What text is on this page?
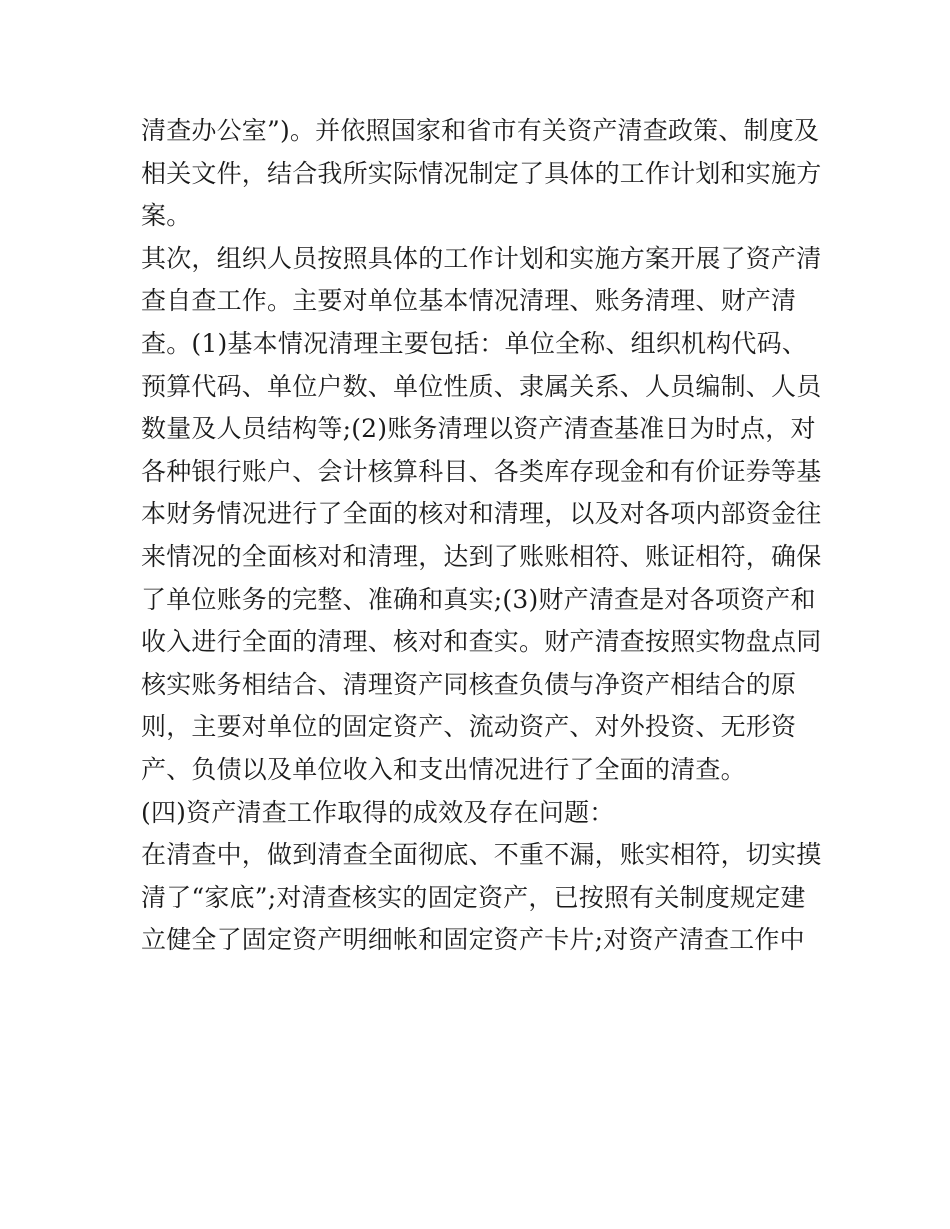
清查办公室”)。并依照国家和省市有关资产清查政策、制度及
相关文件，结合我所实际情况制定了具体的工作计划和实施方
案。
其次，组织人员按照具体的工作计划和实施方案开展了资产清
查自查工作。主要对单位基本情况清理、账务清理、财产清
查。(1)基本情况清理主要包括：单位全称、组织机构代码、
预算代码、单位户数、单位性质、隶属关系、人员编制、人员
数量及人员结构等;(2)账务清理以资产清查基准日为时点，对
各种银行账户、会计核算科目、各类库存现金和有价证券等基
本财务情况进行了全面的核对和清理，以及对各项内部资金往
来情况的全面核对和清理，达到了账账相符、账证相符，确保
了单位账务的完整、准确和真实;(3)财产清查是对各项资产和
收入进行全面的清理、核对和查实。财产清查按照实物盘点同
核实账务相结合、清理资产同核查负债与净资产相结合的原
则，主要对单位的固定资产、流动资产、对外投资、无形资
产、负债以及单位收入和支出情况进行了全面的清查。
(四)资产清查工作取得的成效及存在问题：
在清查中，做到清查全面彻底、不重不漏，账实相符，切实摸
清了“家底”;对清查核实的固定资产，已按照有关制度规定建
立健全了固定资产明细帐和固定资产卡片;对资产清查工作中
